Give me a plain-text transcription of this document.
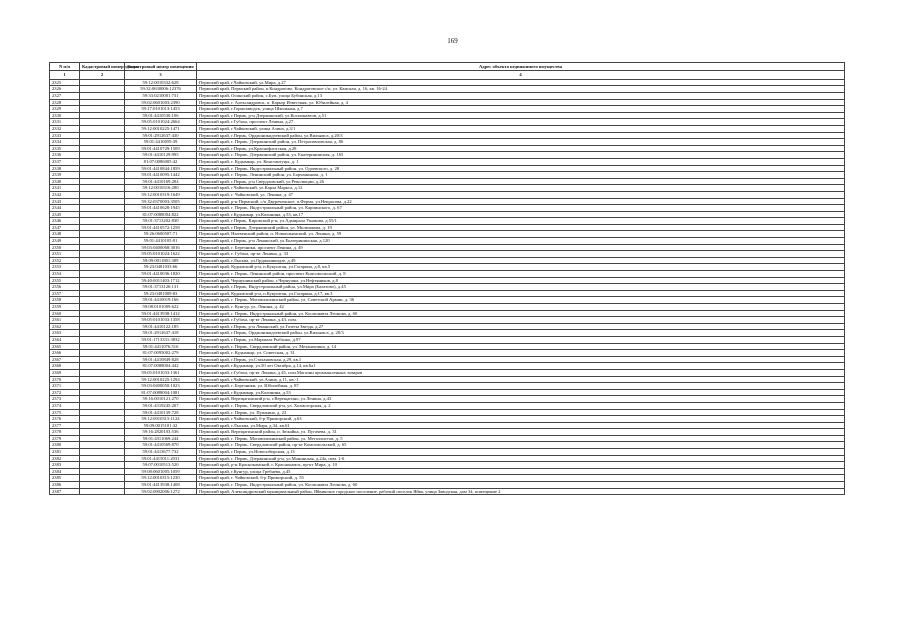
169
N п/п	Кадастровый номер здания	Кадастровый номер помещения	Адрес объекта недвижимого имущества
1	2	3	4
2325		59:12:0010332:628	Пермский край, г.Чайковский, ул.Мира, д.27
2326		59:32:0630006:12376	Пермский край, Пермский район, п.Кондратово, Кондратовское с/п, ул. Камская, д. 16, кв. 16-24
2327		59:33:0210001:731	Пермский край, Осинский район, с.Бум, улица Бубинская, д.13
2328		59:02:0601003:2390	Пермский край, г. Александровск, п. Карьер Известняк, ул. Юбилейная, д. 4
2329		59:17:0101013:1453	Пермский край, г.Горнозаводск, улица Школьная, д.7
2330		59:01:4410530:106	Пермский край, г.Пермь, р-н Дзержинский, ул.Космонавтов, д.51
2331		59:05:0101024:2664	Пермский край, г.Губаха, проспект Ленина, д.27
2332		59:12:0010225:1471	Пермский край, г.Чайковский, улица Азина, д.3/1
2333		59:01:2912637:430	Пермский край, г.Пермь, Орджоникидзевский район, ул.Вильямса, д.20/3
2334		59:01:4410059:39	Пермский край, г. Пермь, Дзержинский район, ул. Петропавловская, д. 86
2335		59:01:4410729:1509	Пермский край, г.Пермь, ул.Краснофлотская, д.28
2336		59:01:4410129:995	Пермский край, г. Пермь, Дзержинский район, ул. Екатерининская, д. 165
2337		81:07:0086005:42	Пермский край, г. Кудымкар, ул. Константуцы, д. 1
2338		59:01:4410844:1859	Пермский край, г. Пермь, Индустриальный район, ул. Одоевского, д. 28
2339		59:01:4410095:1442	Пермский край, г. Пермь, Ленинский район, ул. Борчанинова, д. 1
2340		59:01:4410169:284	Пермский край, г.Пермь, р-н Свердловский, ул.Революции, д.26
2341		59:12:0010316:280	Пермский край, г.Чайковский, ул.Карла Маркса, д.12
2342		59:12:0010319:1649	Пермский край, г. Чайковский, ул. Ленина, д. 47
2343		59:32:0370003:3505	Пермский край, р-н Пермский, с/п Двуреченское, п.Ферма, ул.Некрасова, д.22
2344		59:01:4410628:1945	Пермский край, г. Пермь, Индустриальный район, ул. Карпинского, д. 67
2345		81:07:0088004:822	Пермский край, г.Кудымкар, ул.Калинина, д.53, кв.17
2346		59:01:3713202:830	Пермский край, г.Пермь, Кировский р-н, ул.Адмирала Ушакова, д.55/1
2347		59:01:4410572:1258	Пермский край, г.Пермь, Дзержинский район, ул. Мильчакова, д. 19
2348		59:26:0600507:71	Пермский край, Нытвенский район, п. Новоильинский, ул. Ленина, д. 59
2349		59:01:4410105:91	Пермский край, г.Пермь, р-н Ленинский, ул.Екатерининская, д.120
2350		59:03:0400068:3016	Пермский край, г. Березники, проспект Ленина, д. 49
2351		59:05:0101024:1622	Пермский край, г. Губаха, пр-кт Ленина, д. 33
2352		59:09:0011801:389	Пермский край, г.Лысьва, ул.Орджоникидзе, д.49
2353		59:23:0481033:66	Пермский край, Кудымский р-н, п.Кукуштан, ул.Гагарина, д.8, кв.5
2354		59:01:4410036:1820	Пермский край, г. Пермь, Ленинский район, проспект Комсомольский, д. 8
2355		59:40:0011403:1712	Пермский край, Чернушинский район, г.Чернушка, ул.Нефтяников, д.8
2356		59:01:3713126:131	Пермский край, г.Пермь, Индустриальный район, ул.Мира (Балатово), д.45
2357		59:23:0481009:83	Пермский край, Кудымский р-н, п.Кукуштан, ул.Гагарина, д.17, кв.3
2358		59:01:4410019:166	Пермский край, г. Пермь, Мотовилихинский район, ул. Советской Армии, д. 36
2359		59:08:0101009:622	Пермский край, г. Кунгур, ул. Ленина, д. 42
2360		59:01:4413938:1412	Пермский край, г. Пермь, Индустриальный район, ул. Космонавта Леонова, д. 60
2361		59:05:0101033:1358	Пермский край, г.Губаха, пр-кт Ленина, д.43, пом.
2362		59:01:4410122:185	Пермский край, г.Пермь, р-н Ленинский, ул.Газеты Звезда, д.27
2363		59:01:2912637:418	Пермский край, г.Пермь, Орджоникидзевский район, ул.Вильямса, д. 20/3
2364		59:01:1713331:3832	Пермский край, г.Пермь, ул.Маршала Рыбалко, д.97
2365		59:01:4411076:516	Пермский край, г. Пермь, Свердловский район, ул. Механошина, д. 14
2366		81:07:0095002:279	Пермский край, г. Кудымкар, ул. Советская, д. 31
2367		59:01:4410849:828	Пермский край, г.Пермь, ул.Стахановская, д.29, кв.1
2368		81:07:0088004:442	Пермский край, г.Кудымкар, ул.50 лет Октября, д.14, кв.6а1
2369		59:05:0101033:1361	Пермский край, г.Губаха, пр-кт Ленина, д.45, пом.Магазин промышленных товаров
2370		59:12:0010225:1294	Пермский край, г.Чайковский, ул.Азина, д.11, кв.-1
2371		59:03:0400050:1023	Пермский край, г. Березники, ул. Юбилейная, д. 87
2372		81:07:0088004:1081	Пермский край, г.Кудымкар, ул.Калинина, д.53
2373		59:16:0010121:270	Пермский край, Верещагинский р-н, г.Верещагино, ул.Ленина, д.43
2374		59:01:4319245:207	Пермский край, г. Пермь, Свердловский р-н, ул. Холмогорская, д. 2
2375		59:01:4410139:728	Пермский край, г. Пермь, ул. Пушкина, д. 23
2376		59:12:0010315:1124	Пермский край, г.Чайковский, б-р Приморский, д.63
2377		59:09:0015101:32	Пермский край, г.Лысьва, ул.Мира, д.34, кв.61
2378		59:16:2820103:536	Пермский край, Верещагинский район, п. Зюкайка, ул. Пугачева, д. 31
2379		59:01:4311069:244	Пермский край, г. Пермь, Мотовилихинский район, ул. Металлистов, д. 5
2380		59:01:4410569:870	Пермский край, г. Пермь, Свердловский район, пр-кт Комсомольский, д. 65
2381		59:01:4413677:732	Пермский край, г.Пермь, ул.Новосибирская, д.13
2382		59:01:4415011:2031	Пермский край, г. Пермь, Дзержинский р-н, ул.Монинская, д.24а, пом. 1-6
2383		59:07:0010513:520	Пермский край, р-н Краснокамский, г. Краснокамск, пр-кт Мира, д. 10
2384		59:08:0601005:1059	Пермский край, г.Кунгур, улица Гребнева, д.45
2385		59:12:0010315:1230	Пермский край, г. Чайковский, б-р Приморский, д. 55
2386		59:01:4413938:1408	Пермский край, г. Пермь, Индустриальный район, ул. Космонавта Леонова, д. 60
2387		59:02:0902006:1272	Пермский край, Александровский муниципальный район, Яйвинское городское поселение, рабочий поселок Яйва, улица Заводская, дом 34, помещение 2
